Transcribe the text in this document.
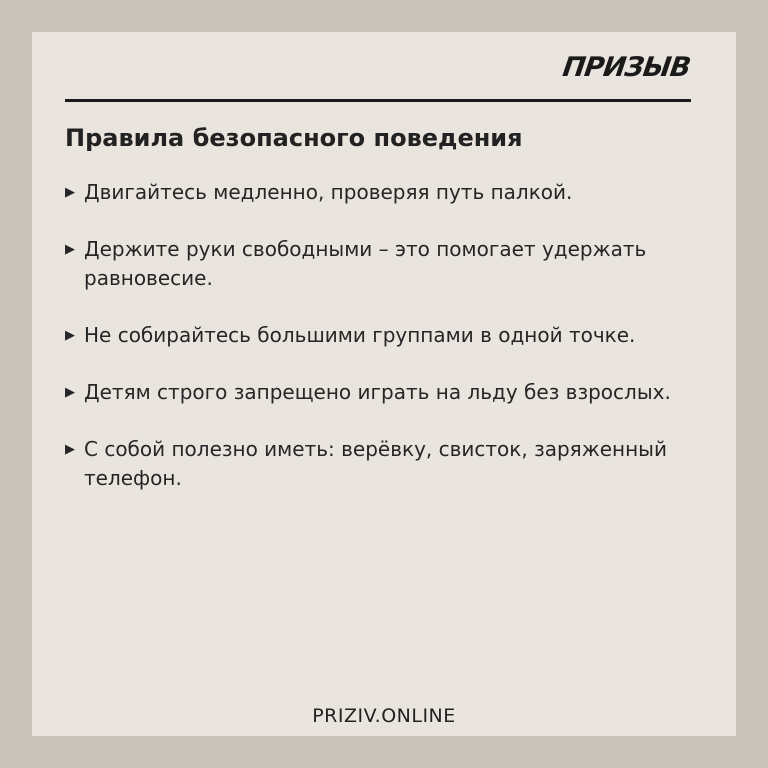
ПРИЗЫВ
Правила безопасного поведения
▶ Двигайтесь медленно, проверяя путь палкой.
▶ Держите руки свободными – это помогает удержать равновесие.
▶ Не собирайтесь большими группами в одной точке.
▶ Детям строго запрещено играть на льду без взрослых.
▶ С собой полезно иметь: верёвку, свисток, заряженный телефон.
PRIZIV.ONLINE
